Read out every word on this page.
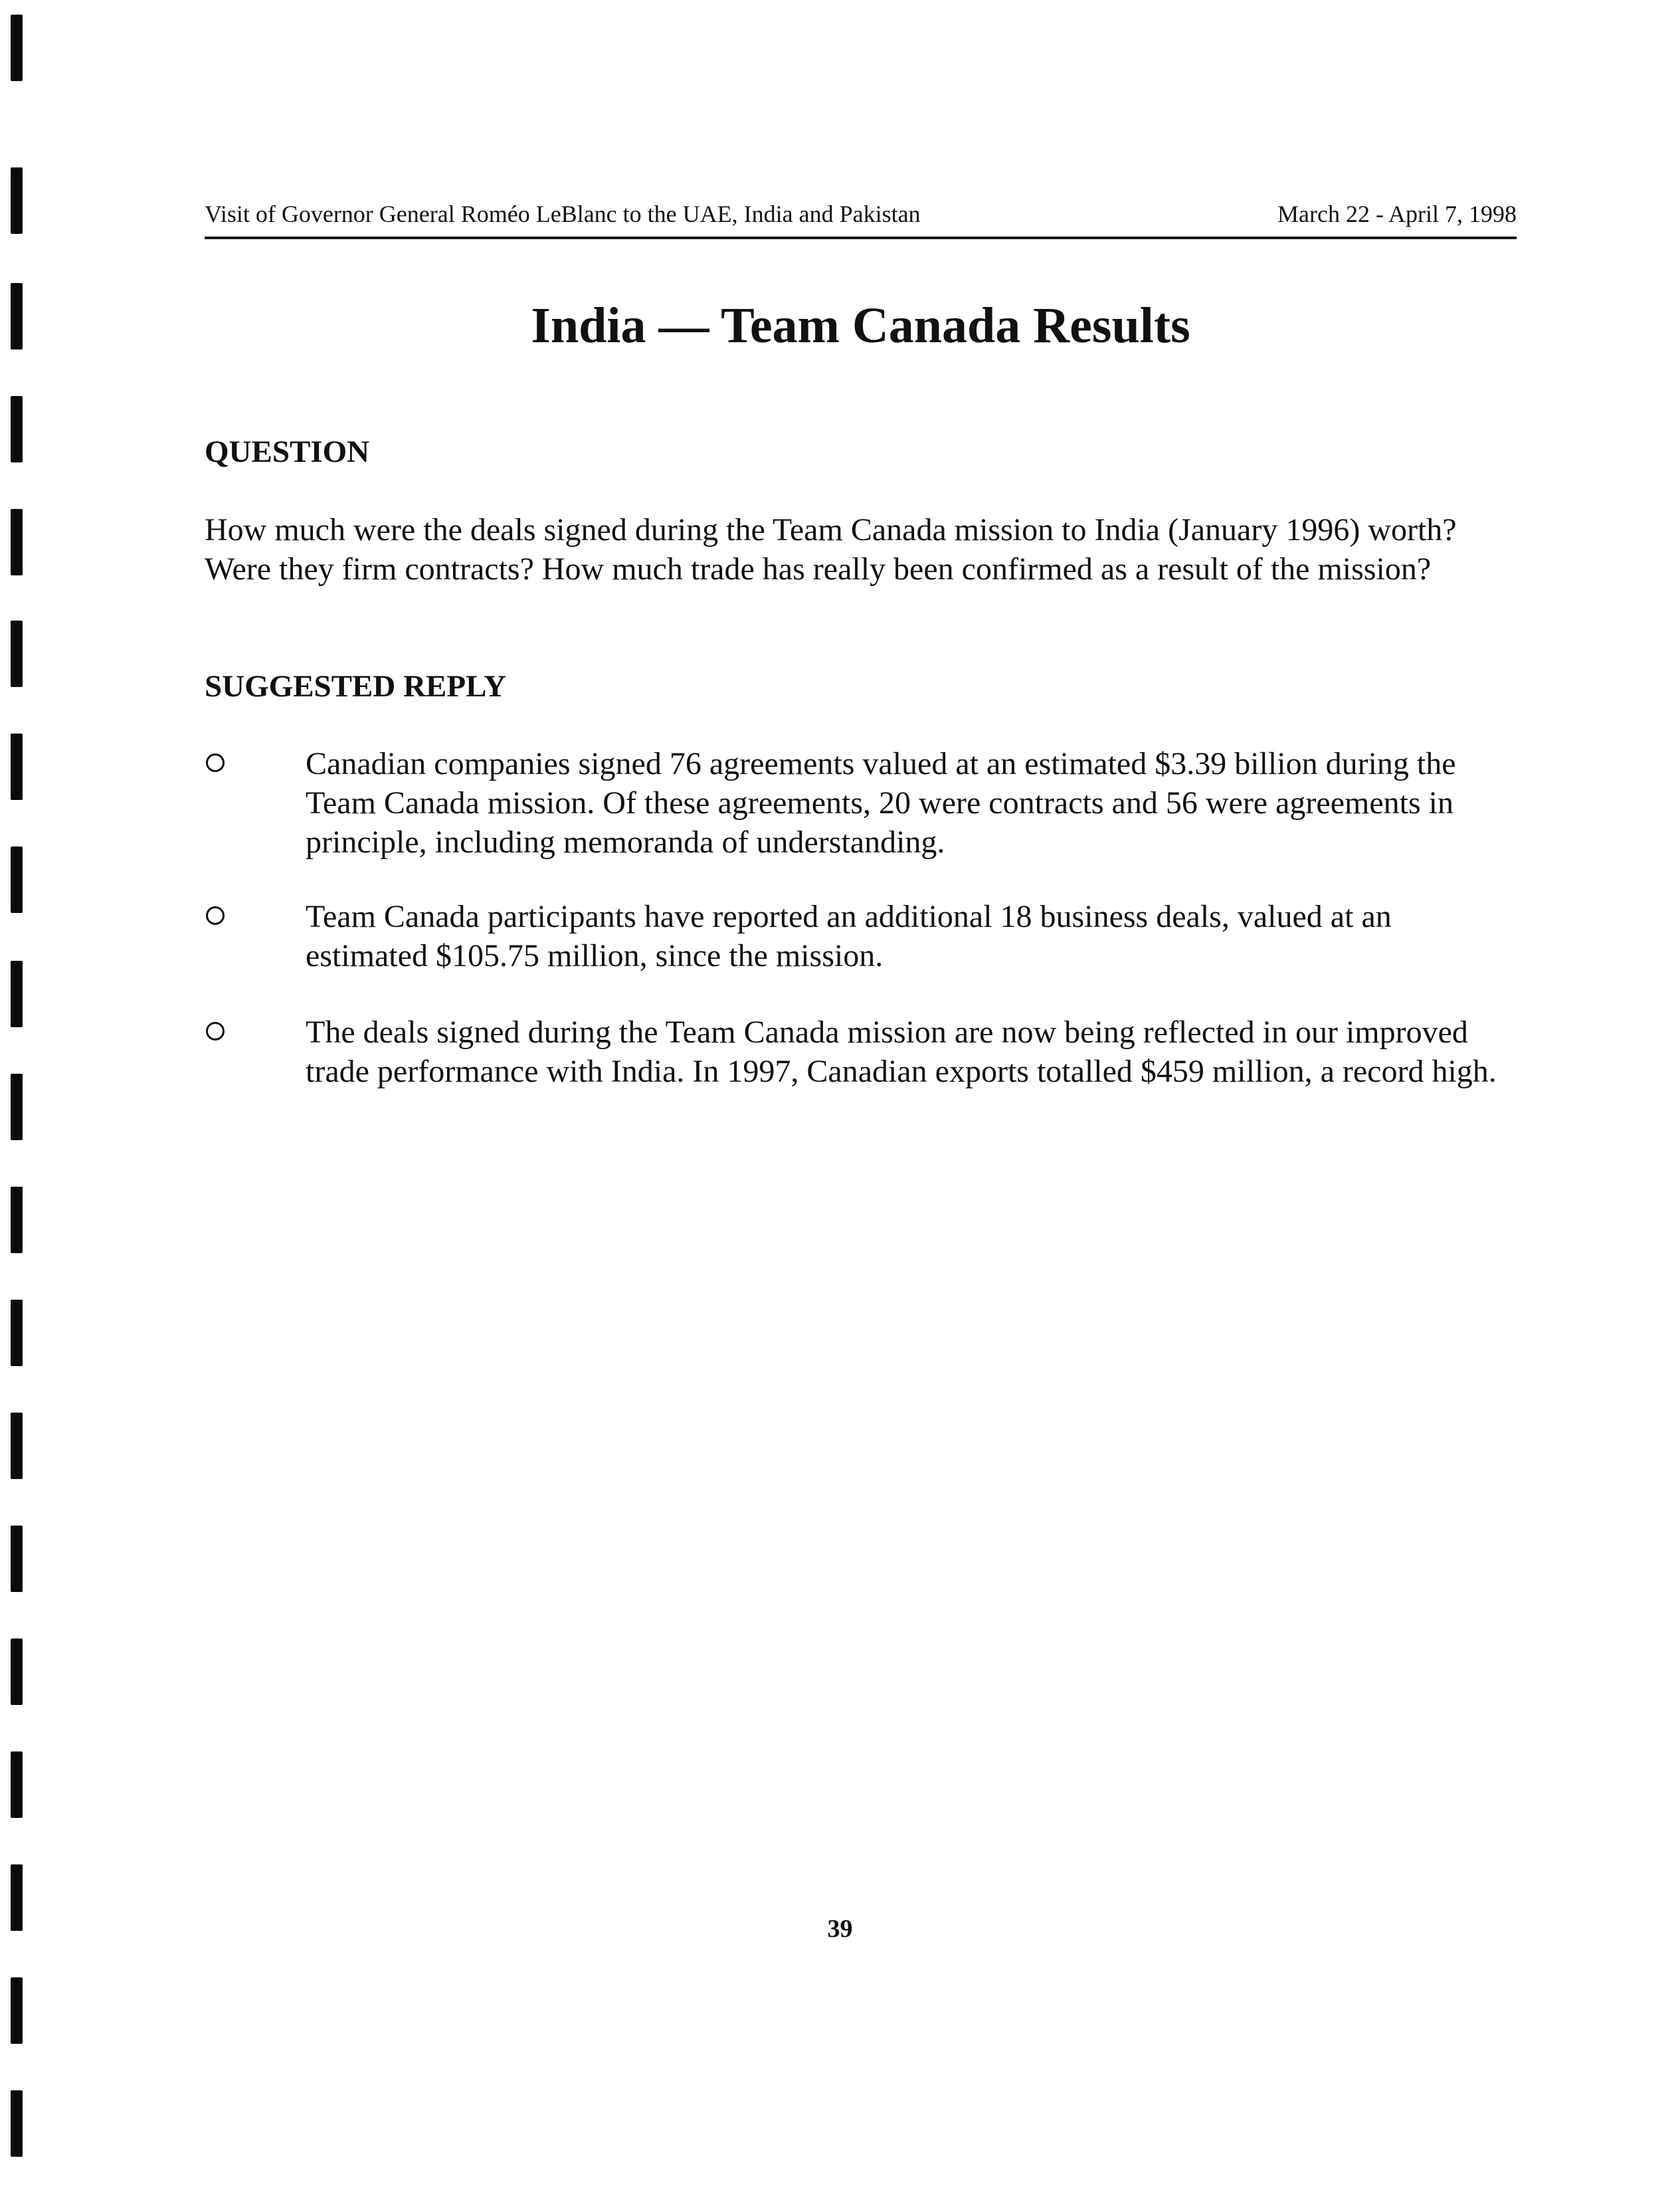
Visit of Governor General Roméo LeBlanc to the UAE, India and Pakistan	March 22 - April 7, 1998
India — Team Canada Results
QUESTION

How much were the deals signed during the Team Canada mission to India (January 1996) worth? Were they firm contracts? How much trade has really been confirmed as a result of the mission?

SUGGESTED REPLY

Canadian companies signed 76 agreements valued at an estimated $3.39 billion during the Team Canada mission. Of these agreements, 20 were contracts and 56 were agreements in principle, including memoranda of understanding.

Team Canada participants have reported an additional 18 business deals, valued at an estimated $105.75 million, since the mission.

The deals signed during the Team Canada mission are now being reflected in our improved trade performance with India. In 1997, Canadian exports totalled $459 million, a record high.

39
